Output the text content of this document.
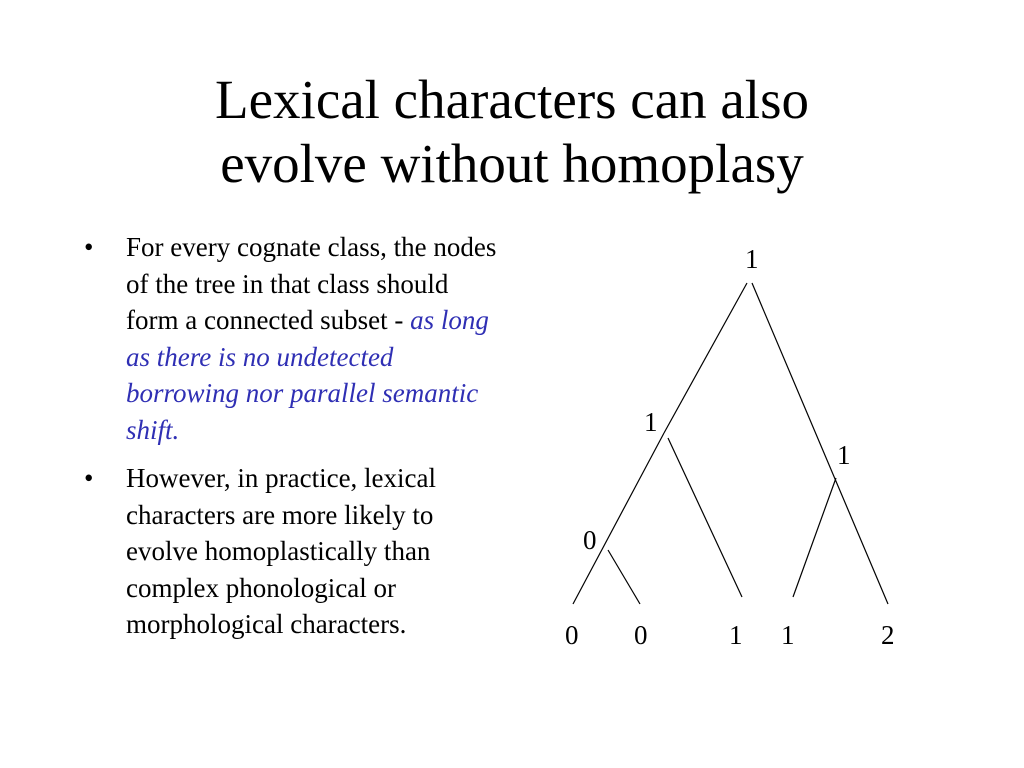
Lexical characters can also
evolve without homoplasy
• For every cognate class, the nodes of the tree in that class should form a connected subset - as long as there is no undetected borrowing nor parallel semantic shift.
• However, in practice, lexical characters are more likely to evolve homoplastically than complex phonological or morphological characters.
1
1
1
0
0 0	1 1	2
